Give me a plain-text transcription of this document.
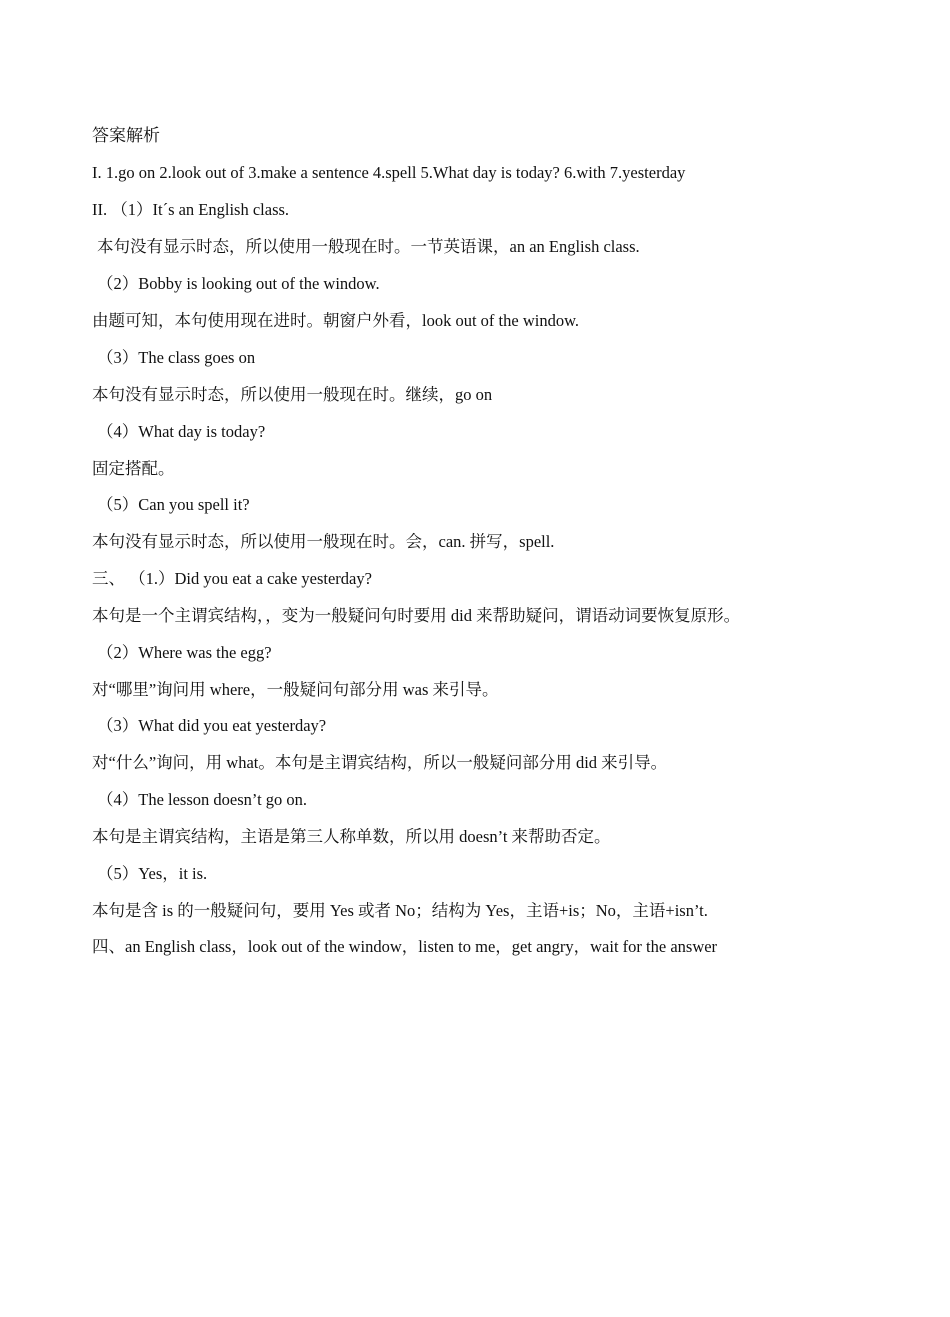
答案解析
I. 1.go on 2.look out of 3.make a sentence 4.spell 5.What day is today? 6.with 7.yesterday
II. （1）It´s an English class.
本句没有显示时态，所以使用一般现在时。一节英语课，an an English class.
（2）Bobby is looking out of the window.
由题可知，本句使用现在进时。朝窗户外看，look out of the window.
（3）The class goes on
本句没有显示时态，所以使用一般现在时。继续，go on
（4）What day is today?
固定搭配。
（5）Can you spell it?
本句没有显示时态，所以使用一般现在时。会，can. 拼写，spell.
三、 （1.）Did you eat a cake yesterday?
本句是一个主谓宾结构，，变为一般疑问句时要用 did 来帮助疑问，谓语动词要恢复原形。
（2）Where was the egg?
对“哪里”询问用 where，一般疑问句部分用 was 来引导。
（3）What did you eat yesterday?
对“什么”询问，用 what。本句是主谓宾结构，所以一般疑问部分用 did 来引导。
（4）The lesson doesn’t go on.
本句是主谓宾结构，主语是第三人称单数，所以用 doesn’t 来帮助否定。
（5）Yes，it is.
本句是含 is 的一般疑问句，要用 Yes 或者 No；结构为 Yes，主语+is；No，主语+isn’t.
四、an English class，look out of the window，listen to me，get angry，wait for the answer
